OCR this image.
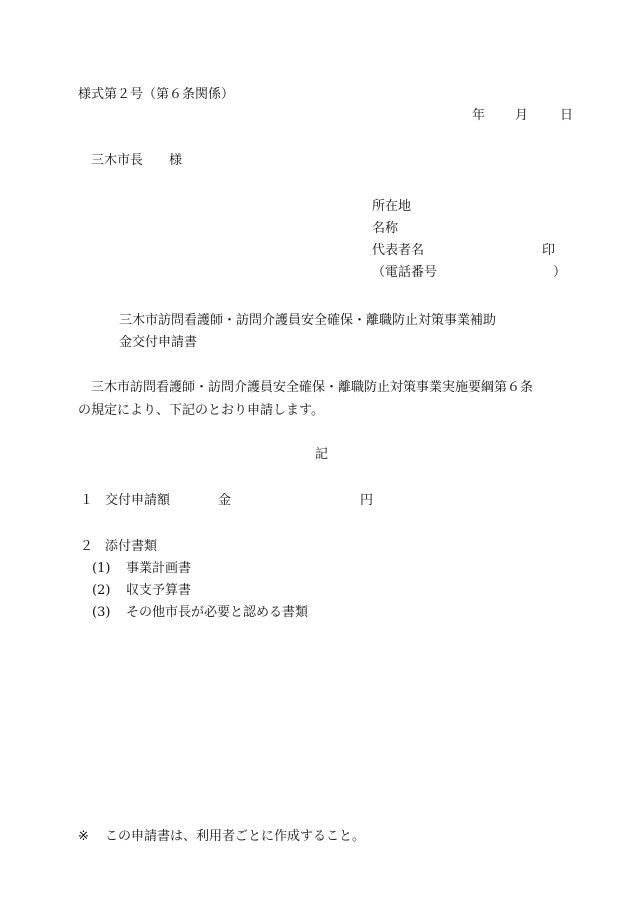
様式第２号（第６条関係）
年 月 日
三木市長　　様
所在地
名称
代表者名	印
（電話番号	）
三木市訪問看護師・訪問介護員安全確保・離職防止対策事業補助
金交付申請書
三木市訪問看護師・訪問介護員安全確保・離職防止対策事業実施要綱第６条
の規定により、下記のとおり申請します。
記
１ 交付申請額	金	円
２ 添付書類
(1) 事業計画書
(2) 収支予算書
(3) その他市長が必要と認める書類
※ この申請書は、利用者ごとに作成すること。
